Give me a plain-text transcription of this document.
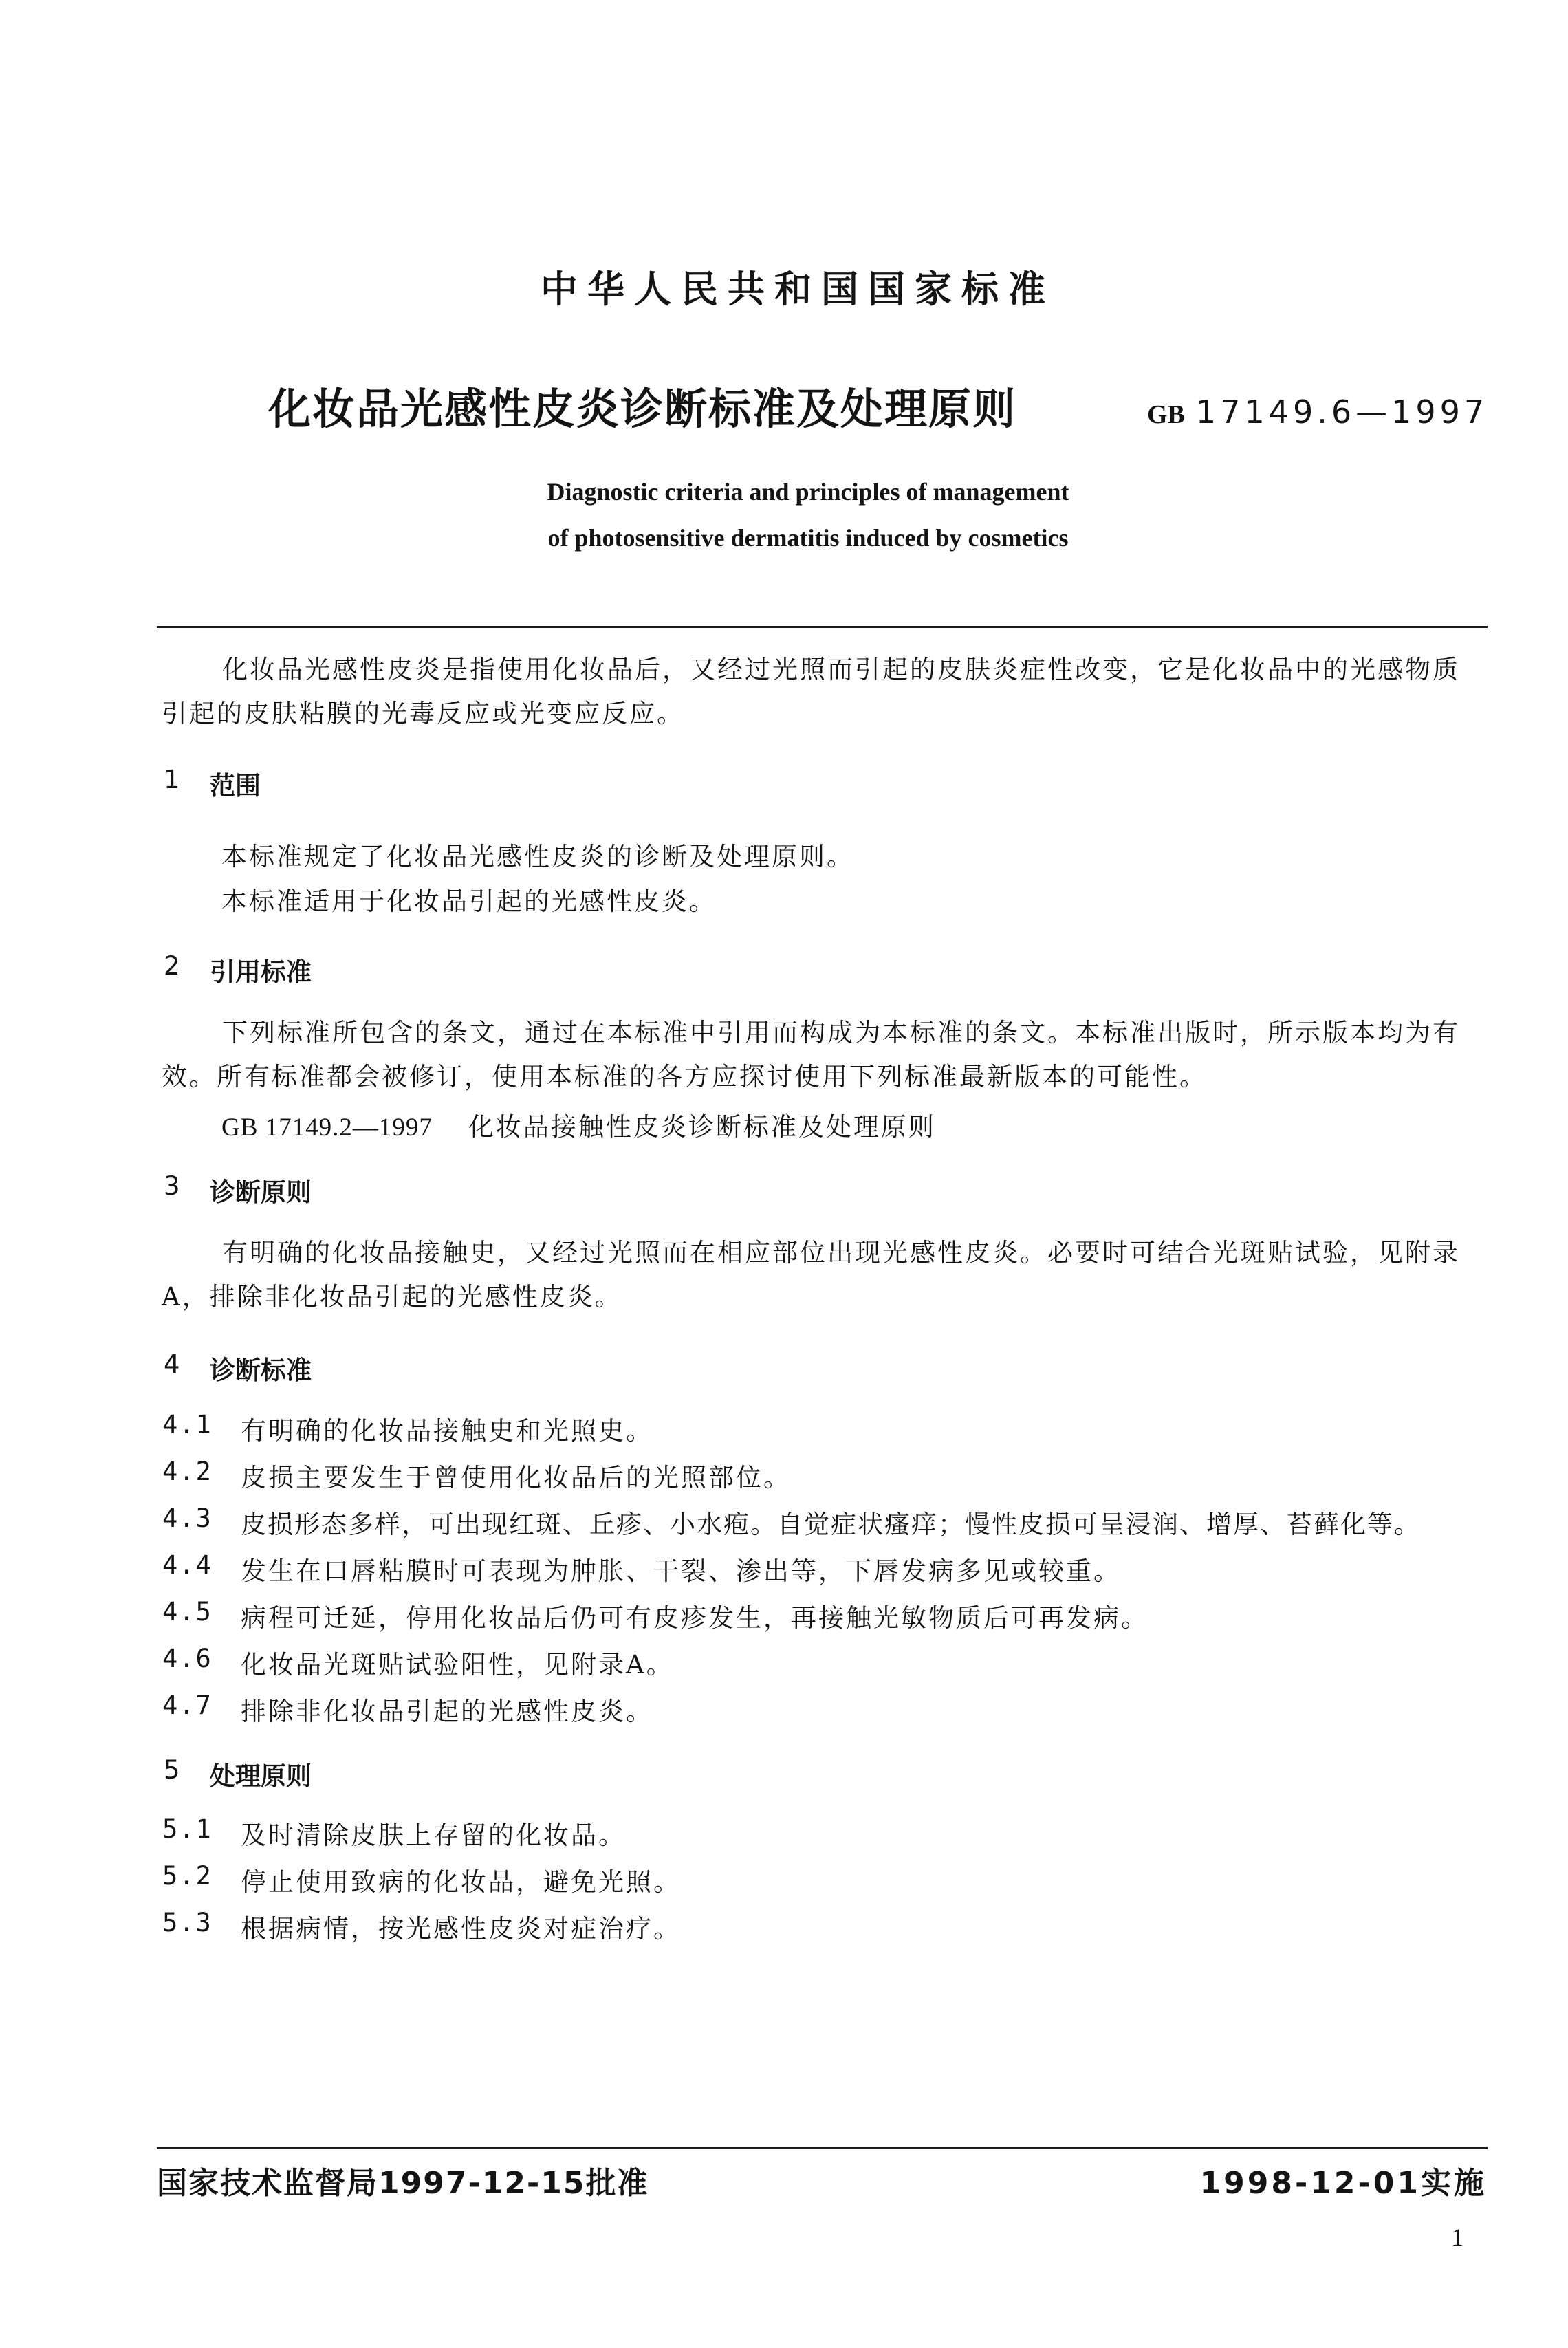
中华人民共和国国家标准
化妆品光感性皮炎诊断标准及处理原则	GB 17149.6—1997
Diagnostic criteria and principles of management
of photosensitive dermatitis induced by cosmetics
化妆品光感性皮炎是指使用化妆品后，又经过光照而引起的皮肤炎症性改变，它是化妆品中的光感物质引起的皮肤粘膜的光毒反应或光变应反应。
1 范围
本标准规定了化妆品光感性皮炎的诊断及处理原则。
本标准适用于化妆品引起的光感性皮炎。
2 引用标准
下列标准所包含的条文，通过在本标准中引用而构成为本标准的条文。本标准出版时，所示版本均为有效。所有标准都会被修订，使用本标准的各方应探讨使用下列标准最新版本的可能性。
GB 17149.2—1997 化妆品接触性皮炎诊断标准及处理原则
3 诊断原则
有明确的化妆品接触史，又经过光照而在相应部位出现光感性皮炎。必要时可结合光斑贴试验，见附录A，排除非化妆品引起的光感性皮炎。
4 诊断标准
4.1 有明确的化妆品接触史和光照史。
4.2 皮损主要发生于曾使用化妆品后的光照部位。
4.3 皮损形态多样，可出现红斑、丘疹、小水疱。自觉症状瘙痒；慢性皮损可呈浸润、增厚、苔藓化等。
4.4 发生在口唇粘膜时可表现为肿胀、干裂、渗出等，下唇发病多见或较重。
4.5 病程可迁延，停用化妆品后仍可有皮疹发生，再接触光敏物质后可再发病。
4.6 化妆品光斑贴试验阳性，见附录A。
4.7 排除非化妆品引起的光感性皮炎。
5 处理原则
5.1 及时清除皮肤上存留的化妆品。
5.2 停止使用致病的化妆品，避免光照。
5.3 根据病情，按光感性皮炎对症治疗。
国家技术监督局1997-12-15批准	1998-12-01实施
1
